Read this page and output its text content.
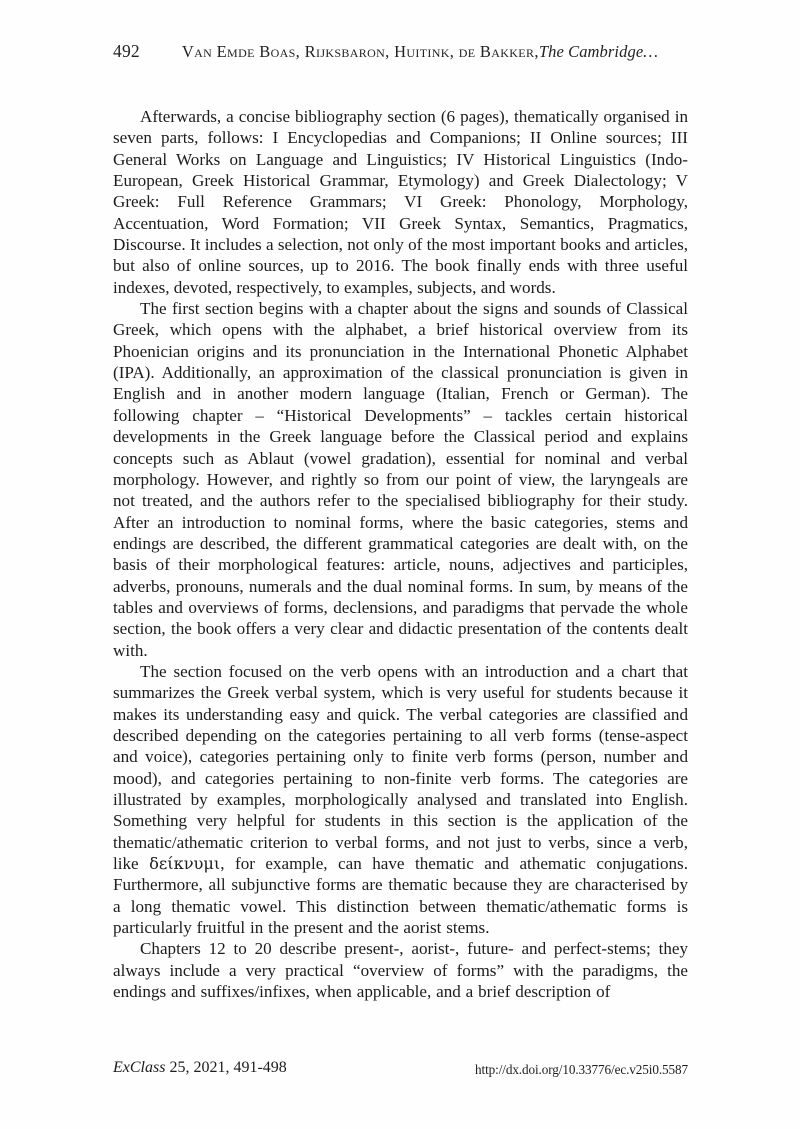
492	Van Emde Boas, Rijksbaron, Huitink, de Bakker,The Cambridge…

Afterwards, a concise bibliography section (6 pages), thematically organised in seven parts, follows: I Encyclopedias and Companions; II Online sources; III General Works on Language and Linguistics; IV Historical Linguistics (Indo-European, Greek Historical Grammar, Etymology) and Greek Dialectology; V Greek: Full Reference Grammars; VI Greek: Phonology, Morphology, Accentuation, Word Formation; VII Greek Syntax, Semantics, Pragmatics, Discourse. It includes a selection, not only of the most important books and articles, but also of online sources, up to 2016. The book finally ends with three useful indexes, devoted, respectively, to examples, subjects, and words.

The first section begins with a chapter about the signs and sounds of Classical Greek, which opens with the alphabet, a brief historical overview from its Phoenician origins and its pronunciation in the International Phonetic Alphabet (IPA). Additionally, an approximation of the classical pronunciation is given in English and in another modern language (Italian, French or German). The following chapter – “Historical Developments” – tackles certain historical developments in the Greek language before the Classical period and explains concepts such as Ablaut (vowel gradation), essential for nominal and verbal morphology. However, and rightly so from our point of view, the laryngeals are not treated, and the authors refer to the specialised bibliography for their study. After an introduction to nominal forms, where the basic categories, stems and endings are described, the different grammatical categories are dealt with, on the basis of their morphological features: article, nouns, adjectives and participles, adverbs, pronouns, numerals and the dual nominal forms. In sum, by means of the tables and overviews of forms, declensions, and paradigms that pervade the whole section, the book offers a very clear and didactic presentation of the contents dealt with.

The section focused on the verb opens with an introduction and a chart that summarizes the Greek verbal system, which is very useful for students because it makes its understanding easy and quick. The verbal categories are classified and described depending on the categories pertaining to all verb forms (tense-aspect and voice), categories pertaining only to finite verb forms (person, number and mood), and categories pertaining to non-finite verb forms. The categories are illustrated by examples, morphologically analysed and translated into English. Something very helpful for students in this section is the application of the thematic/athematic criterion to verbal forms, and not just to verbs, since a verb, like δείκνυμι, for example, can have thematic and athematic conjugations. Furthermore, all subjunctive forms are thematic because they are characterised by a long thematic vowel. This distinction between thematic/athematic forms is particularly fruitful in the present and the aorist stems.

Chapters 12 to 20 describe present-, aorist-, future- and perfect-stems; they always include a very practical “overview of forms” with the paradigms, the endings and suffixes/infixes, when applicable, and a brief description of

ExClass 25, 2021, 491-498	http://dx.doi.org/10.33776/ec.v25i0.5587
